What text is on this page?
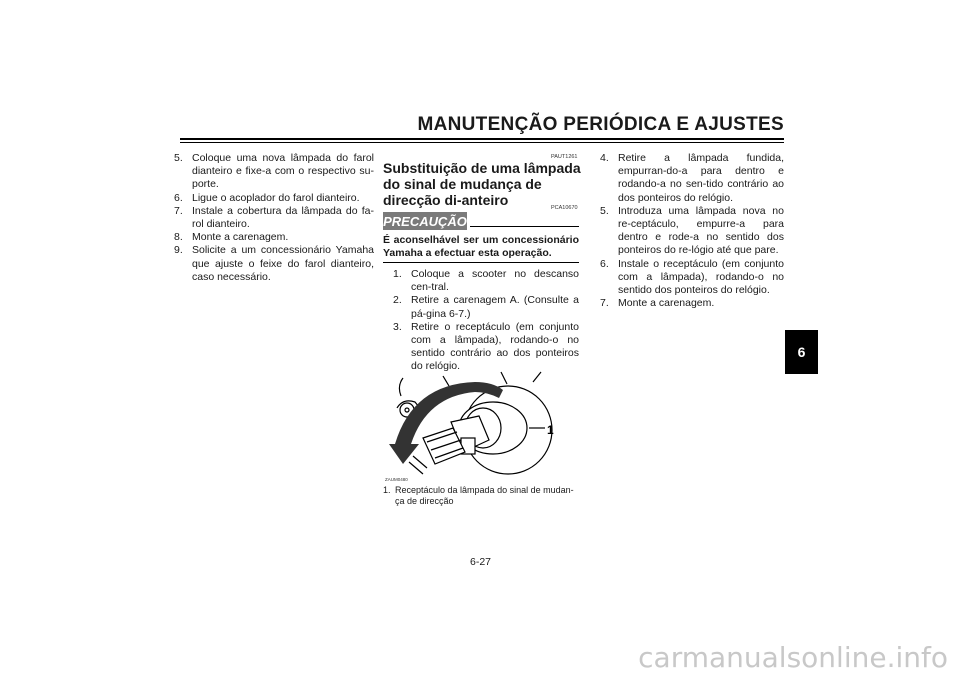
MANUTENÇÃO PERIÓDICA E AJUSTES
6
5. Coloque uma nova lâmpada do farol dianteiro e fixe-a com o respectivo su-porte.
6. Ligue o acoplador do farol dianteiro.
7. Instale a cobertura da lâmpada do fa-rol dianteiro.
8. Monte a carenagem.
9. Solicite a um concessionário Yamaha que ajuste o feixe do farol dianteiro, caso necessário.
PAUT1261
Substituição de uma lâmpada do sinal de mudança de direcção di-anteiro
PRECAUÇÃO
PCA10670
É aconselhável ser um concessionário Yamaha a efectuar esta operação.
1. Coloque a scooter no descanso cen-tral.
2. Retire a carenagem A. (Consulte a pá-gina 6-7.)
3. Retire o receptáculo (em conjunto com a lâmpada), rodando-o no sentido contrário ao dos ponteiros do relógio.
1
ZAUM0480
1. Receptáculo da lâmpada do sinal de mudan-ça de direcção
4. Retire a lâmpada fundida, empurran-do-a para dentro e rodando-a no sen-tido contrário ao dos ponteiros do relógio.
5. Introduza uma lâmpada nova no re-ceptáculo, empurre-a para dentro e rode-a no sentido dos ponteiros do re-lógio até que pare.
6. Instale o receptáculo (em conjunto com a lâmpada), rodando-o no sentido dos ponteiros do relógio.
7. Monte a carenagem.
6-27
carmanualsonline.info
